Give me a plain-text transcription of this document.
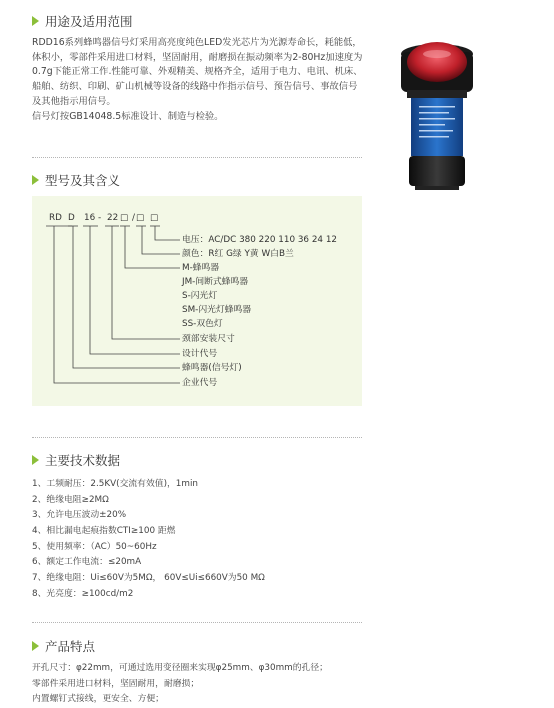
用途及适用范围
RDD16系列蜂鸣器信号灯采用高亮度纯色LED发光芯片为光源寿命长，耗能低，
体积小，零部件采用进口材料，坚固耐用，耐磨损在振动频率为2-80Hz加速度为
0.7g下能正常工作.性能可靠、外观精美、规格齐全，适用于电力、电讯、机床、
船舶、纺织、印刷、矿山机械等设备的线路中作指示信号、预告信号、事故信号
及其他指示用信号。
信号灯按GB14048.5标准设计、制造与检验。
型号及其含义
RD D 16 - 22 □ / □ □
电压：AC/DC 380 220 110 36 24 12
颜色：R红 G绿 Y黄 W白B兰
M-蜂鸣器
JM-间断式蜂鸣器
S-闪光灯
SM-闪光灯蜂鸣器
SS-双色灯
颈部安装尺寸
设计代号
蜂鸣器(信号灯)
企业代号
主要技术数据
1、工频耐压：2.5KV(交流有效值)，1min
2、绝缘电阻≥2MΩ
3、允许电压波动±20%
4、相比漏电起痕指数CTI≥100 距燃
5、使用频率：（AC）50~60Hz
6、额定工作电流：≤20mA
7、绝缘电阻：Ui≤60V为5MΩ， 60V≤Ui≤660V为50 MΩ
8、光亮度：≥100cd/m2
产品特点
开孔尺寸：φ22mm，可通过选用变径圈来实现φ25mm、φ30mm的孔径；
零部件采用进口材料，坚固耐用，耐磨损；
内置螺钉式接线，更安全、方便；
